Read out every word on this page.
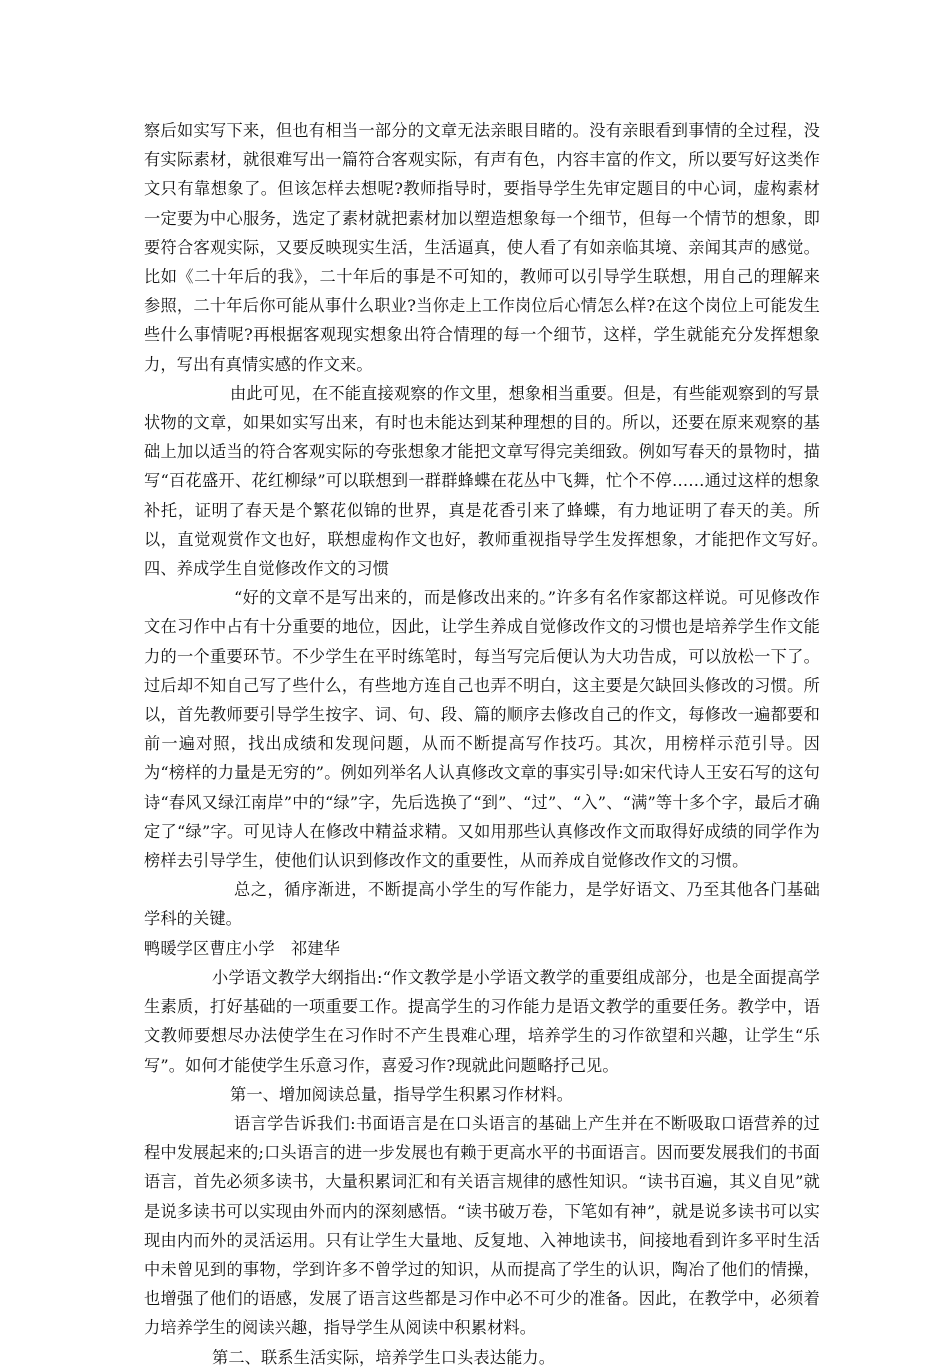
察后如实写下来，但也有相当一部分的文章无法亲眼目睹的。没有亲眼看到事情的全过程，没有实际素材，就很难写出一篇符合客观实际，有声有色，内容丰富的作文，所以要写好这类作文只有靠想象了。但该怎样去想呢?教师指导时，要指导学生先审定题目的中心词，虚构素材一定要为中心服务，选定了素材就把素材加以塑造想象每一个细节，但每一个情节的想象，即要符合客观实际，又要反映现实生活，生活逼真，使人看了有如亲临其境、亲闻其声的感觉。比如《二十年后的我》，二十年后的事是不可知的，教师可以引导学生联想，用自己的理解来参照，二十年后你可能从事什么职业?当你走上工作岗位后心情怎么样?在这个岗位上可能发生些什么事情呢?再根据客观现实想象出符合情理的每一个细节，这样，学生就能充分发挥想象力，写出有真情实感的作文来。

由此可见，在不能直接观察的作文里，想象相当重要。但是，有些能观察到的写景状物的文章，如果如实写出来，有时也未能达到某种理想的目的。所以，还要在原来观察的基础上加以适当的符合客观实际的夸张想象才能把文章写得完美细致。例如写春天的景物时，描写“百花盛开、花红柳绿”可以联想到一群群蜂蝶在花丛中飞舞，忙个不停……通过这样的想象补托，证明了春天是个繁花似锦的世界，真是花香引来了蜂蝶，有力地证明了春天的美。所以，直觉观赏作文也好，联想虚构作文也好，教师重视指导学生发挥想象，才能把作文写好。　　四、养成学生自觉修改作文的习惯

“好的文章不是写出来的，而是修改出来的。”许多有名作家都这样说。可见修改作文在习作中占有十分重要的地位，因此，让学生养成自觉修改作文的习惯也是培养学生作文能力的一个重要环节。不少学生在平时练笔时，每当写完后便认为大功告成，可以放松一下了。过后却不知自己写了些什么，有些地方连自己也弄不明白，这主要是欠缺回头修改的习惯。所以，首先教师要引导学生按字、词、句、段、篇的顺序去修改自己的作文，每修改一遍都要和前一遍对照，找出成绩和发现问题，从而不断提高写作技巧。其次，用榜样示范引导。因为“榜样的力量是无穷的”。例如列举名人认真修改文章的事实引导:如宋代诗人王安石写的这句诗“春风又绿江南岸”中的“绿”字，先后选换了“到”、“过”、“入”、“满”等十多个字，最后才确定了“绿”字。可见诗人在修改中精益求精。又如用那些认真修改作文而取得好成绩的同学作为榜样去引导学生，使他们认识到修改作文的重要性，从而养成自觉修改作文的习惯。

总之，循序渐进，不断提高小学生的写作能力，是学好语文、乃至其他各门基础学科的关键。

鸭暖学区曹庄小学　祁建华

小学语文教学大纲指出:“作文教学是小学语文教学的重要组成部分，也是全面提高学生素质，打好基础的一项重要工作。提高学生的习作能力是语文教学的重要任务。教学中，语文教师要想尽办法使学生在习作时不产生畏难心理，培养学生的习作欲望和兴趣，让学生“乐写”。如何才能使学生乐意习作，喜爱习作?现就此问题略抒己见。

第一、增加阅读总量，指导学生积累习作材料。

语言学告诉我们:书面语言是在口头语言的基础上产生并在不断吸取口语营养的过程中发展起来的;口头语言的进一步发展也有赖于更高水平的书面语言。因而要发展我们的书面语言，首先必须多读书，大量积累词汇和有关语言规律的感性知识。“读书百遍，其义自见”就是说多读书可以实现由外而内的深刻感悟。“读书破万卷，下笔如有神”，就是说多读书可以实现由内而外的灵活运用。只有让学生大量地、反复地、入神地读书，间接地看到许多平时生活中未曾见到的事物，学到许多不曾学过的知识，从而提高了学生的认识，陶冶了他们的情操，也增强了他们的语感，发展了语言这些都是习作中必不可少的准备。因此，在教学中，必须着力培养学生的阅读兴趣，指导学生从阅读中积累材料。

第二、联系生活实际，培养学生口头表达能力。
